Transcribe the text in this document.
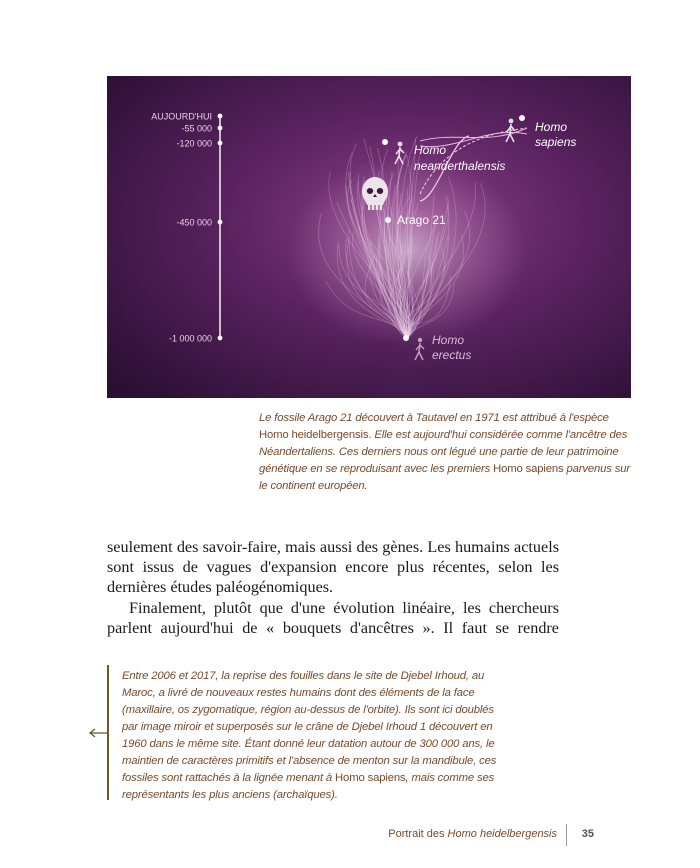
AUJOURD'HUI
-55 000
-120 000
-450 000
-1 000 000
Homo
sapiens
Homo
neanderthalensis
Arago 21
Homo
erectus
Le fossile Arago 21 découvert à Tautavel en 1971 est attribué à l'espèce Homo heidelbergensis. Elle est aujourd'hui considérée comme l'ancêtre des Néandertaliens. Ces derniers nous ont légué une partie de leur patrimoine génétique en se reproduisant avec les premiers Homo sapiens parvenus sur le continent européen.

seulement des savoir-faire, mais aussi des gènes. Les humains actuels sont issus de vagues d'expansion encore plus récentes, selon les dernières études paléogénomiques.

Finalement, plutôt que d'une évolution linéaire, les chercheurs parlent aujourd'hui de « bouquets d'ancêtres ». Il faut se rendre

Entre 2006 et 2017, la reprise des fouilles dans le site de Djebel Irhoud, au Maroc, a livré de nouveaux restes humains dont des éléments de la face (maxillaire, os zygomatique, région au-dessus de l'orbite). Ils sont ici doublés par image miroir et superposés sur le crâne de Djebel Irhoud 1 découvert en 1960 dans le même site. Étant donné leur datation autour de 300 000 ans, le maintien de caractères primitifs et l'absence de menton sur la mandibule, ces fossiles sont rattachés à la lignée menant à Homo sapiens, mais comme ses représentants les plus anciens (archaïques).
Portrait des Homo heidelbergensis 35
